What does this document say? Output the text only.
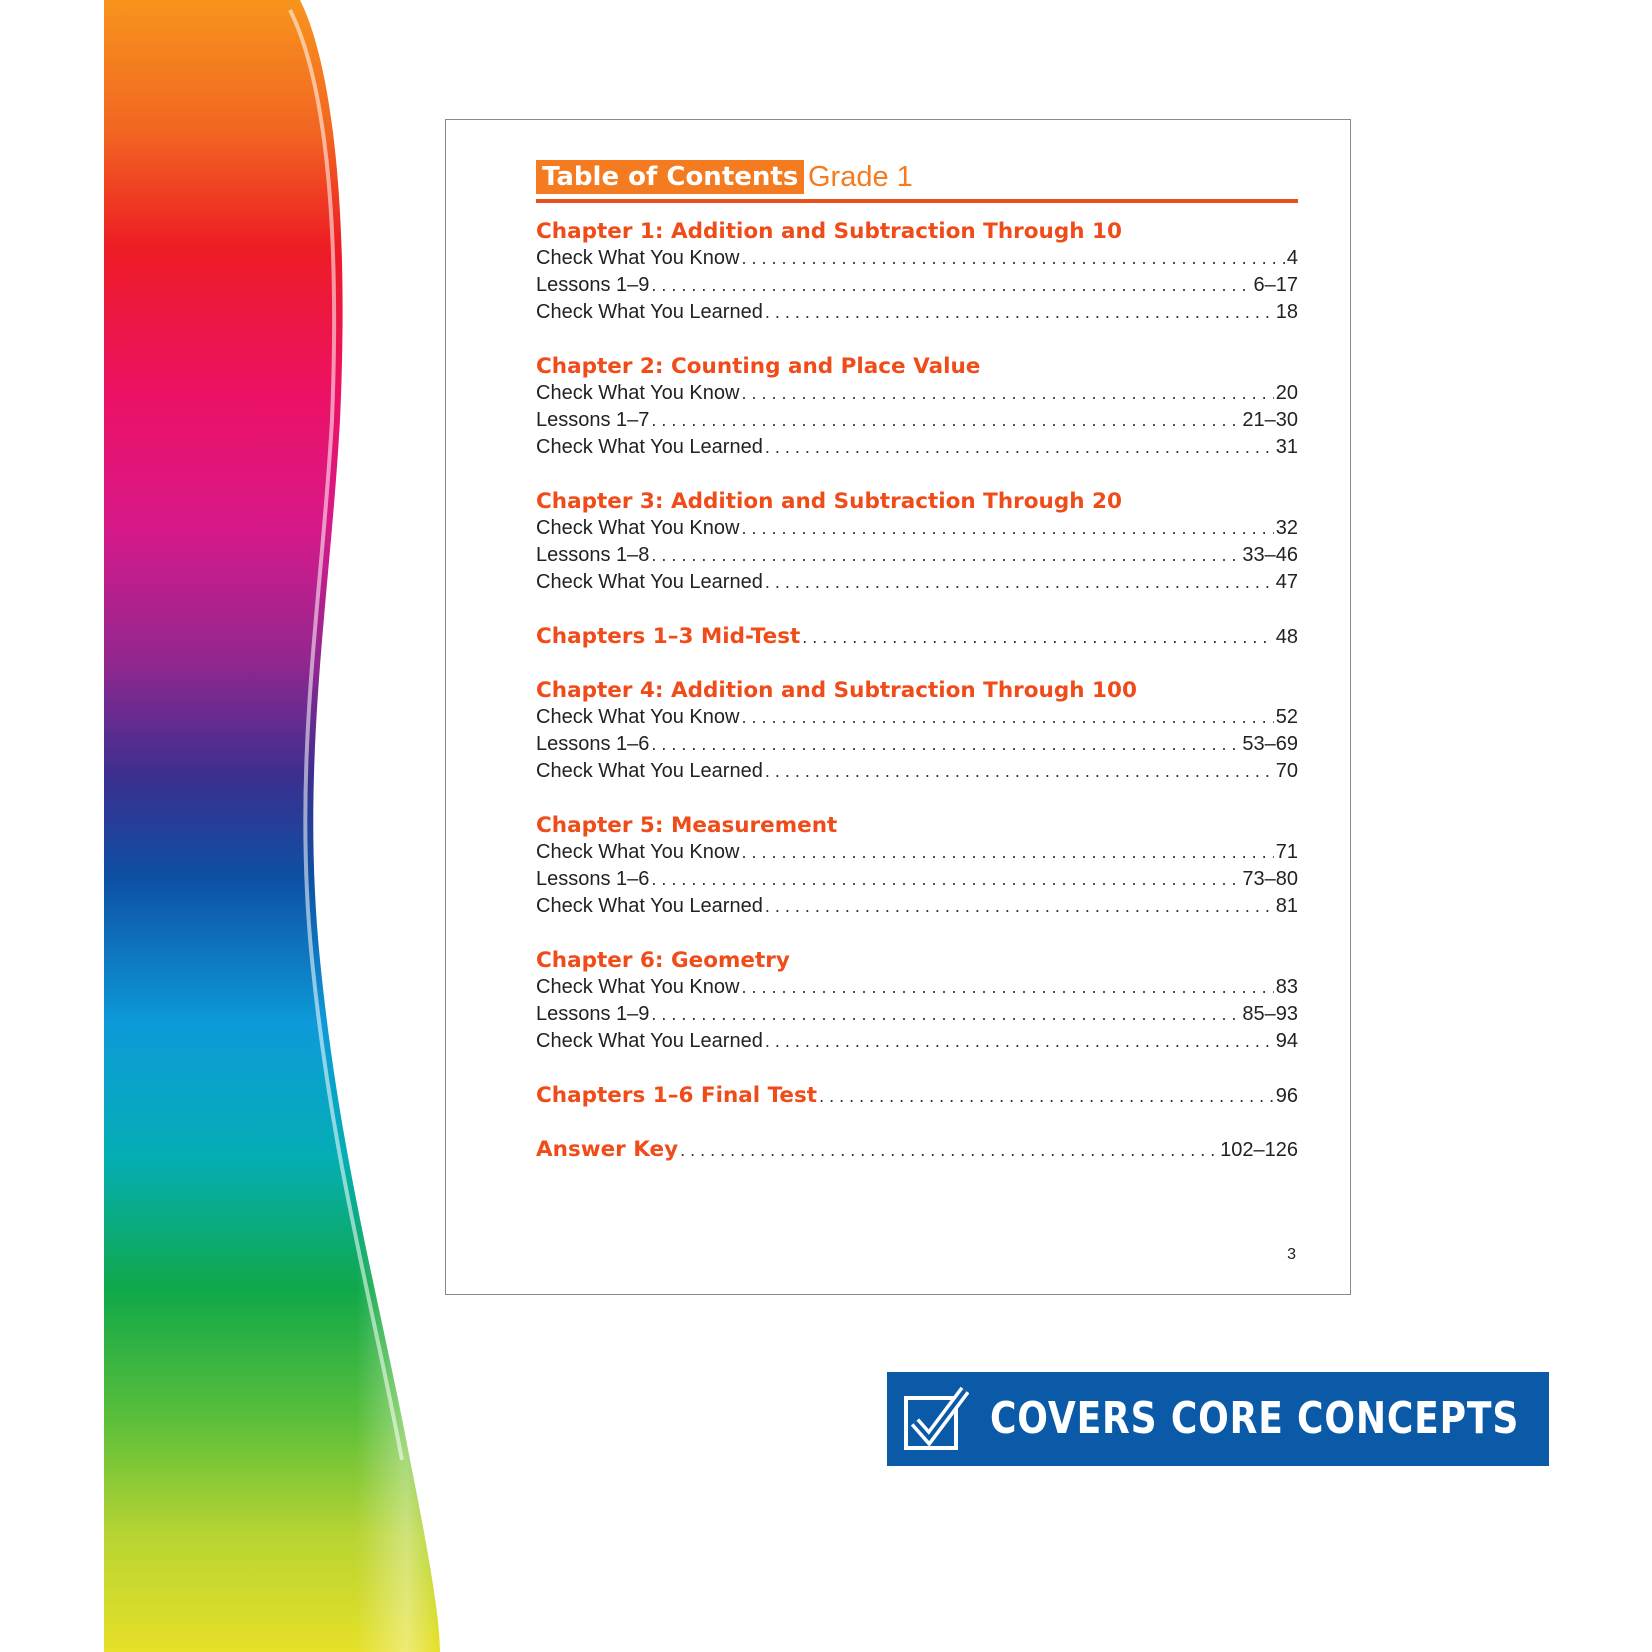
Table of Contents Grade 1
Chapter 1: Addition and Subtraction Through 10
Check What You Know . . .	4
Lessons 1–9 . . .	6–17
Check What You Learned . . .	18
Chapter 2: Counting and Place Value
Check What You Know . . .	20
Lessons 1–7 . . .	21–30
Check What You Learned . . .	31
Chapter 3: Addition and Subtraction Through 20
Check What You Know . . .	32
Lessons 1–8 . . .	33–46
Check What You Learned . . .	47
Chapters 1–3 Mid-Test . . .	48
Chapter 4: Addition and Subtraction Through 100
Check What You Know . . .	52
Lessons 1–6 . . .	53–69
Check What You Learned . . .	70
Chapter 5: Measurement
Check What You Know . . .	71
Lessons 1–6 . . .	73–80
Check What You Learned . . .	81
Chapter 6: Geometry
Check What You Know . . .	83
Lessons 1–9 . . .	85–93
Check What You Learned . . .	94
Chapters 1–6 Final Test . . .	96
Answer Key . . .	102–126
3
COVERS CORE CONCEPTS
